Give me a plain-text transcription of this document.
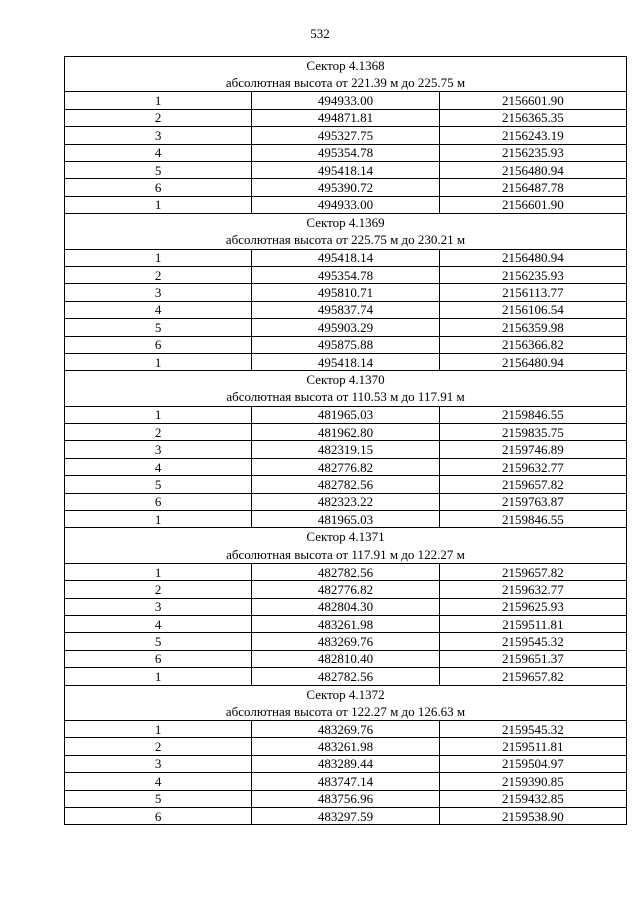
532
Сектор 4.1368
абсолютная высота от 221.39 м до 225.75 м		

1	494933.00	2156601.90
2	494871.81	2156365.35
3	495327.75	2156243.19
4	495354.78	2156235.93
5	495418.14	2156480.94
6	495390.72	2156487.78
1	494933.00	2156601.90

Сектор 4.1369
абсолютная высота от 225.75 м до 230.21 м		

1	495418.14	2156480.94
2	495354.78	2156235.93
3	495810.71	2156113.77
4	495837.74	2156106.54
5	495903.29	2156359.98
6	495875.88	2156366.82
1	495418.14	2156480.94

Сектор 4.1370
абсолютная высота от 110.53 м до 117.91 м		

1	481965.03	2159846.55
2	481962.80	2159835.75
3	482319.15	2159746.89
4	482776.82	2159632.77
5	482782.56	2159657.82
6	482323.22	2159763.87
1	481965.03	2159846.55

Сектор 4.1371
абсолютная высота от 117.91 м до 122.27 м		

1	482782.56	2159657.82
2	482776.82	2159632.77
3	482804.30	2159625.93
4	483261.98	2159511.81
5	483269.76	2159545.32
6	482810.40	2159651.37
1	482782.56	2159657.82

Сектор 4.1372
абсолютная высота от 122.27 м до 126.63 м		

1	483269.76	2159545.32
2	483261.98	2159511.81
3	483289.44	2159504.97
4	483747.14	2159390.85
5	483756.96	2159432.85
6	483297.59	2159538.90
